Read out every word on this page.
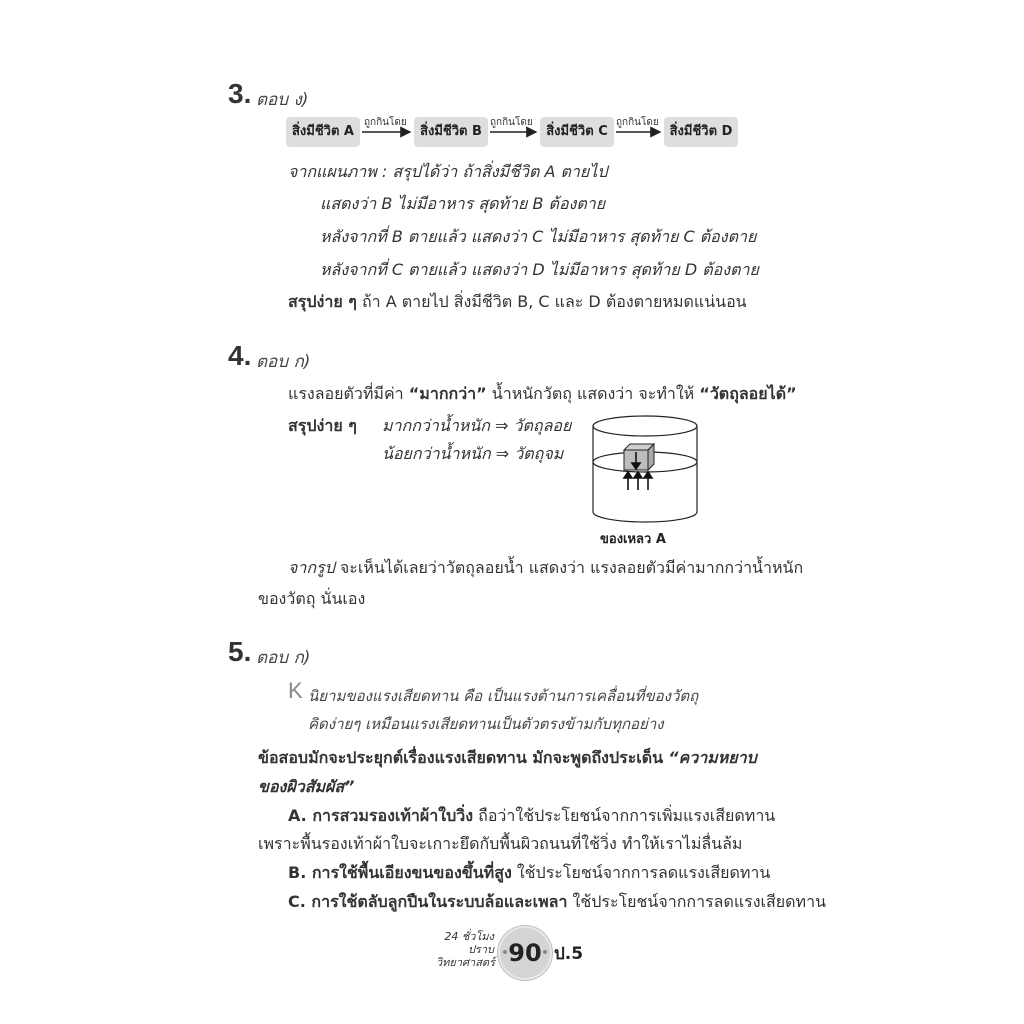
3. ตอบ ง)
สิ่งมีชีวิต A	สิ่งมีชีวิต B	สิ่งมีชีวิต C	สิ่งมีชีวิต D
ถูกกินโดย	ถูกกินโดย	ถูกกินโดย
จากแผนภาพ : สรุปได้ว่า ถ้าสิ่งมีชีวิต A ตายไป
แสดงว่า B ไม่มีอาหาร สุดท้าย B ต้องตาย
หลังจากที่ B ตายแล้ว แสดงว่า C ไม่มีอาหาร สุดท้าย C ต้องตาย
หลังจากที่ C ตายแล้ว แสดงว่า D ไม่มีอาหาร สุดท้าย D ต้องตาย
สรุปง่าย ๆ ถ้า A ตายไป สิ่งมีชีวิต B, C และ D ต้องตายหมดแน่นอน
4. ตอบ ก)
แรงลอยตัวที่มีค่า “มากกว่า” น้ำหนักวัตถุ แสดงว่า จะทำให้ “วัตถุลอยได้”
สรุปง่าย ๆ มากกว่าน้ำหนัก ⇒ วัตถุลอย
น้อยกว่าน้ำหนัก ⇒ วัตถุจม
ของเหลว A
จากรูป จะเห็นได้เลยว่าวัตถุลอยน้ำ แสดงว่า แรงลอยตัวมีค่ามากกว่าน้ำหนัก
ของวัตถุ นั่นเอง
5. ตอบ ก)
K นิยามของแรงเสียดทาน คือ เป็นแรงต้านการเคลื่อนที่ของวัตถุ
คิดง่ายๆ เหมือนแรงเสียดทานเป็นตัวตรงข้ามกับทุกอย่าง
ข้อสอบมักจะประยุกต์เรื่องแรงเสียดทาน มักจะพูดถึงประเด็น “ความหยาบ
ของผิวสัมผัส”
A. การสวมรองเท้าผ้าใบวิ่ง ถือว่าใช้ประโยชน์จากการเพิ่มแรงเสียดทาน
เพราะพื้นรองเท้าผ้าใบจะเกาะยึดกับพื้นผิวถนนที่ใช้วิ่ง ทำให้เราไม่ลื่นล้ม
B. การใช้พื้นเอียงขนของขึ้นที่สูง ใช้ประโยชน์จากการลดแรงเสียดทาน
C. การใช้ตลับลูกปืนในระบบล้อและเพลา ใช้ประโยชน์จากการลดแรงเสียดทาน
24 ชั่วโมง
ปราบ
วิทยาศาสตร์ 90 ป.5
